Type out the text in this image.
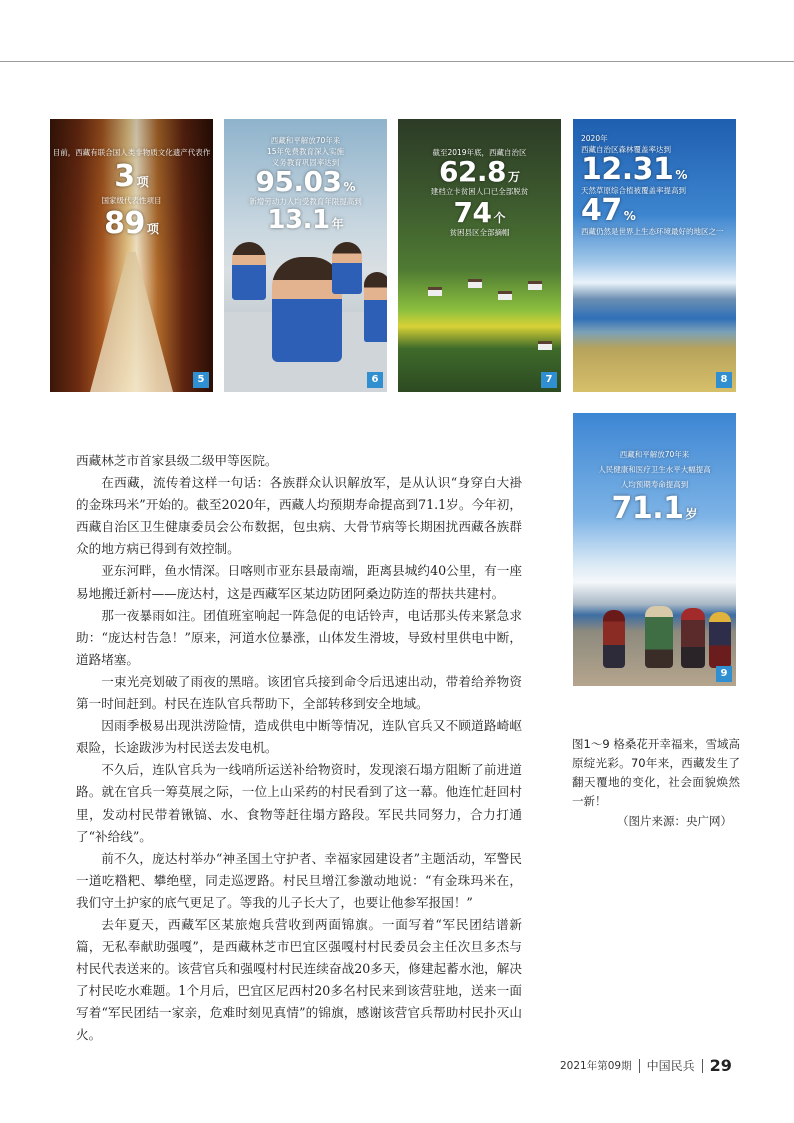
目前，西藏有联合国人类非物质文化遗产代表作
3 项
国家级代表性项目
89 项
5
西藏和平解放70年来
15年免费教育深入实施
义务教育巩固率达到
95.03 %
新增劳动力人均受教育年限提高到
13.1 年
6
截至2019年底，西藏自治区
62.8 万
建档立卡贫困人口已全部脱贫
74 个
贫困县区全部摘帽
7
2020年
西藏自治区森林覆盖率达到
12.31 %
天然草原综合植被覆盖率提高到
47 %
西藏仍然是世界上生态环境最好的地区之一
8
西藏和平解放70年来
人民健康和医疗卫生水平大幅提高
人均预期寿命提高到
71.1 岁
9

西藏林芝市首家县级二级甲等医院。

在西藏，流传着这样一句话：各族群众认识解放军，是从认识“身穿白大褂的金珠玛米”开始的。截至2020年，西藏人均预期寿命提高到71.1岁。今年初，西藏自治区卫生健康委员会公布数据，包虫病、大骨节病等长期困扰西藏各族群众的地方病已得到有效控制。

亚东河畔，鱼水情深。日喀则市亚东县最南端，距离县城约40公里，有一座易地搬迁新村——庞达村，这是西藏军区某边防团阿桑边防连的帮扶共建村。

那一夜暴雨如注。团值班室响起一阵急促的电话铃声，电话那头传来紧急求助：“庞达村告急！”原来，河道水位暴涨，山体发生滑坡，导致村里供电中断，道路堵塞。

一束光亮划破了雨夜的黑暗。该团官兵接到命令后迅速出动，带着给养物资第一时间赶到。村民在连队官兵帮助下，全部转移到安全地域。

因雨季极易出现洪涝险情，造成供电中断等情况，连队官兵又不顾道路崎岖艰险，长途跋涉为村民送去发电机。

不久后，连队官兵为一线哨所运送补给物资时，发现滚石塌方阻断了前进道路。就在官兵一筹莫展之际，一位上山采药的村民看到了这一幕。他连忙赶回村里，发动村民带着锹镐、水、食物等赶往塌方路段。军民共同努力，合力打通了“补给线”。

前不久，庞达村举办“神圣国土守护者、幸福家园建设者”主题活动，军警民一道吃糌粑、攀绝壁，同走巡逻路。村民旦增江参激动地说：“有金珠玛米在，我们守土护家的底气更足了。等我的儿子长大了，也要让他参军报国！”

去年夏天，西藏军区某旅炮兵营收到两面锦旗。一面写着“军民团结谱新篇，无私奉献助强嘎”，是西藏林芝市巴宜区强嘎村村民委员会主任次旦多杰与村民代表送来的。该营官兵和强嘎村村民连续奋战20多天，修建起蓄水池，解决了村民吃水难题。1个月后，巴宜区尼西村20多名村民来到该营驻地，送来一面写着“军民团结一家亲，危难时刻见真情”的锦旗，感谢该营官兵帮助村民扑灭山火。

图1～9 格桑花开幸福来，雪域高原绽光彩。70年来，西藏发生了翻天覆地的变化，社会面貌焕然一新！
（图片来源：央广网）
2021年第09期 中国民兵 29
